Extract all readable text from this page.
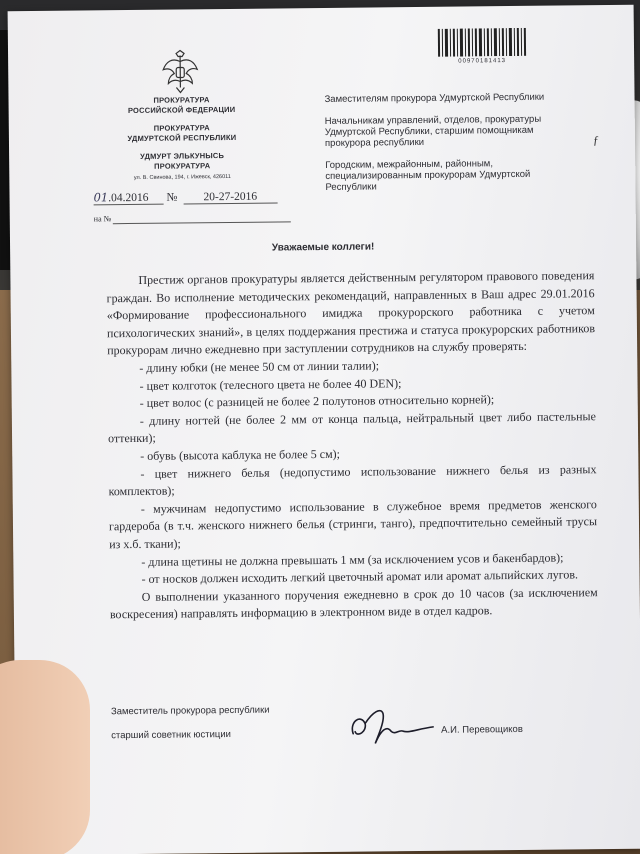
ПРОКУРАТУРА
РОССИЙСКОЙ ФЕДЕРАЦИИ
ПРОКУРАТУРА
УДМУРТСКОЙ РЕСПУБЛИКИ
УДМУРТ ЭЛЬКУНЫСЬ
ПРОКУРАТУРА
ул. В. Свинова, 194, г. Ижевск, 426011
01.04.2016 № 20-27-2016
на №
00970181413

Заместителям прокурора Удмуртской Республики

Начальникам управлений, отделов, прокуратуры Удмуртской Республики, старшим помощникам прокурора республики

Городским, межрайонным, районным, специализированным прокурорам Удмуртской Республики

ƒ
Уважаемые коллеги!

Престиж органов прокуратуры является действенным регулятором правового поведения граждан. Во исполнение методических рекомендаций, направленных в Ваш адрес 29.01.2016 «Формирование профессионального имиджа прокурорского работника с учетом психологических знаний», в целях поддержания престижа и статуса прокурорских работников прокурорам лично ежедневно при заступлении сотрудников на службу проверять:

- длину юбки (не менее 50 см от линии талии);

- цвет колготок (телесного цвета не более 40 DEN);

- цвет волос (с разницей не более 2 полутонов относительно корней);

- длину ногтей (не более 2 мм от конца пальца, нейтральный цвет либо пастельные оттенки);

- обувь (высота каблука не более 5 см);

- цвет нижнего белья (недопустимо использование нижнего белья из разных комплектов);

- мужчинам недопустимо использование в служебное время предметов женского гардероба (в т.ч. женского нижнего белья (стринги, танго), предпочтительно семейный трусы из х.б. ткани);

- длина щетины не должна превышать 1 мм (за исключением усов и бакенбардов);

- от носков должен исходить легкий цветочный аромат или аромат альпийских лугов.

О выполнении указанного поручения ежедневно в срок до 10 часов (за исключением воскресения) направлять информацию в электронном виде в отдел кадров.

Заместитель прокурора республики
старший советник юстиции	А.И. Перевощиков
